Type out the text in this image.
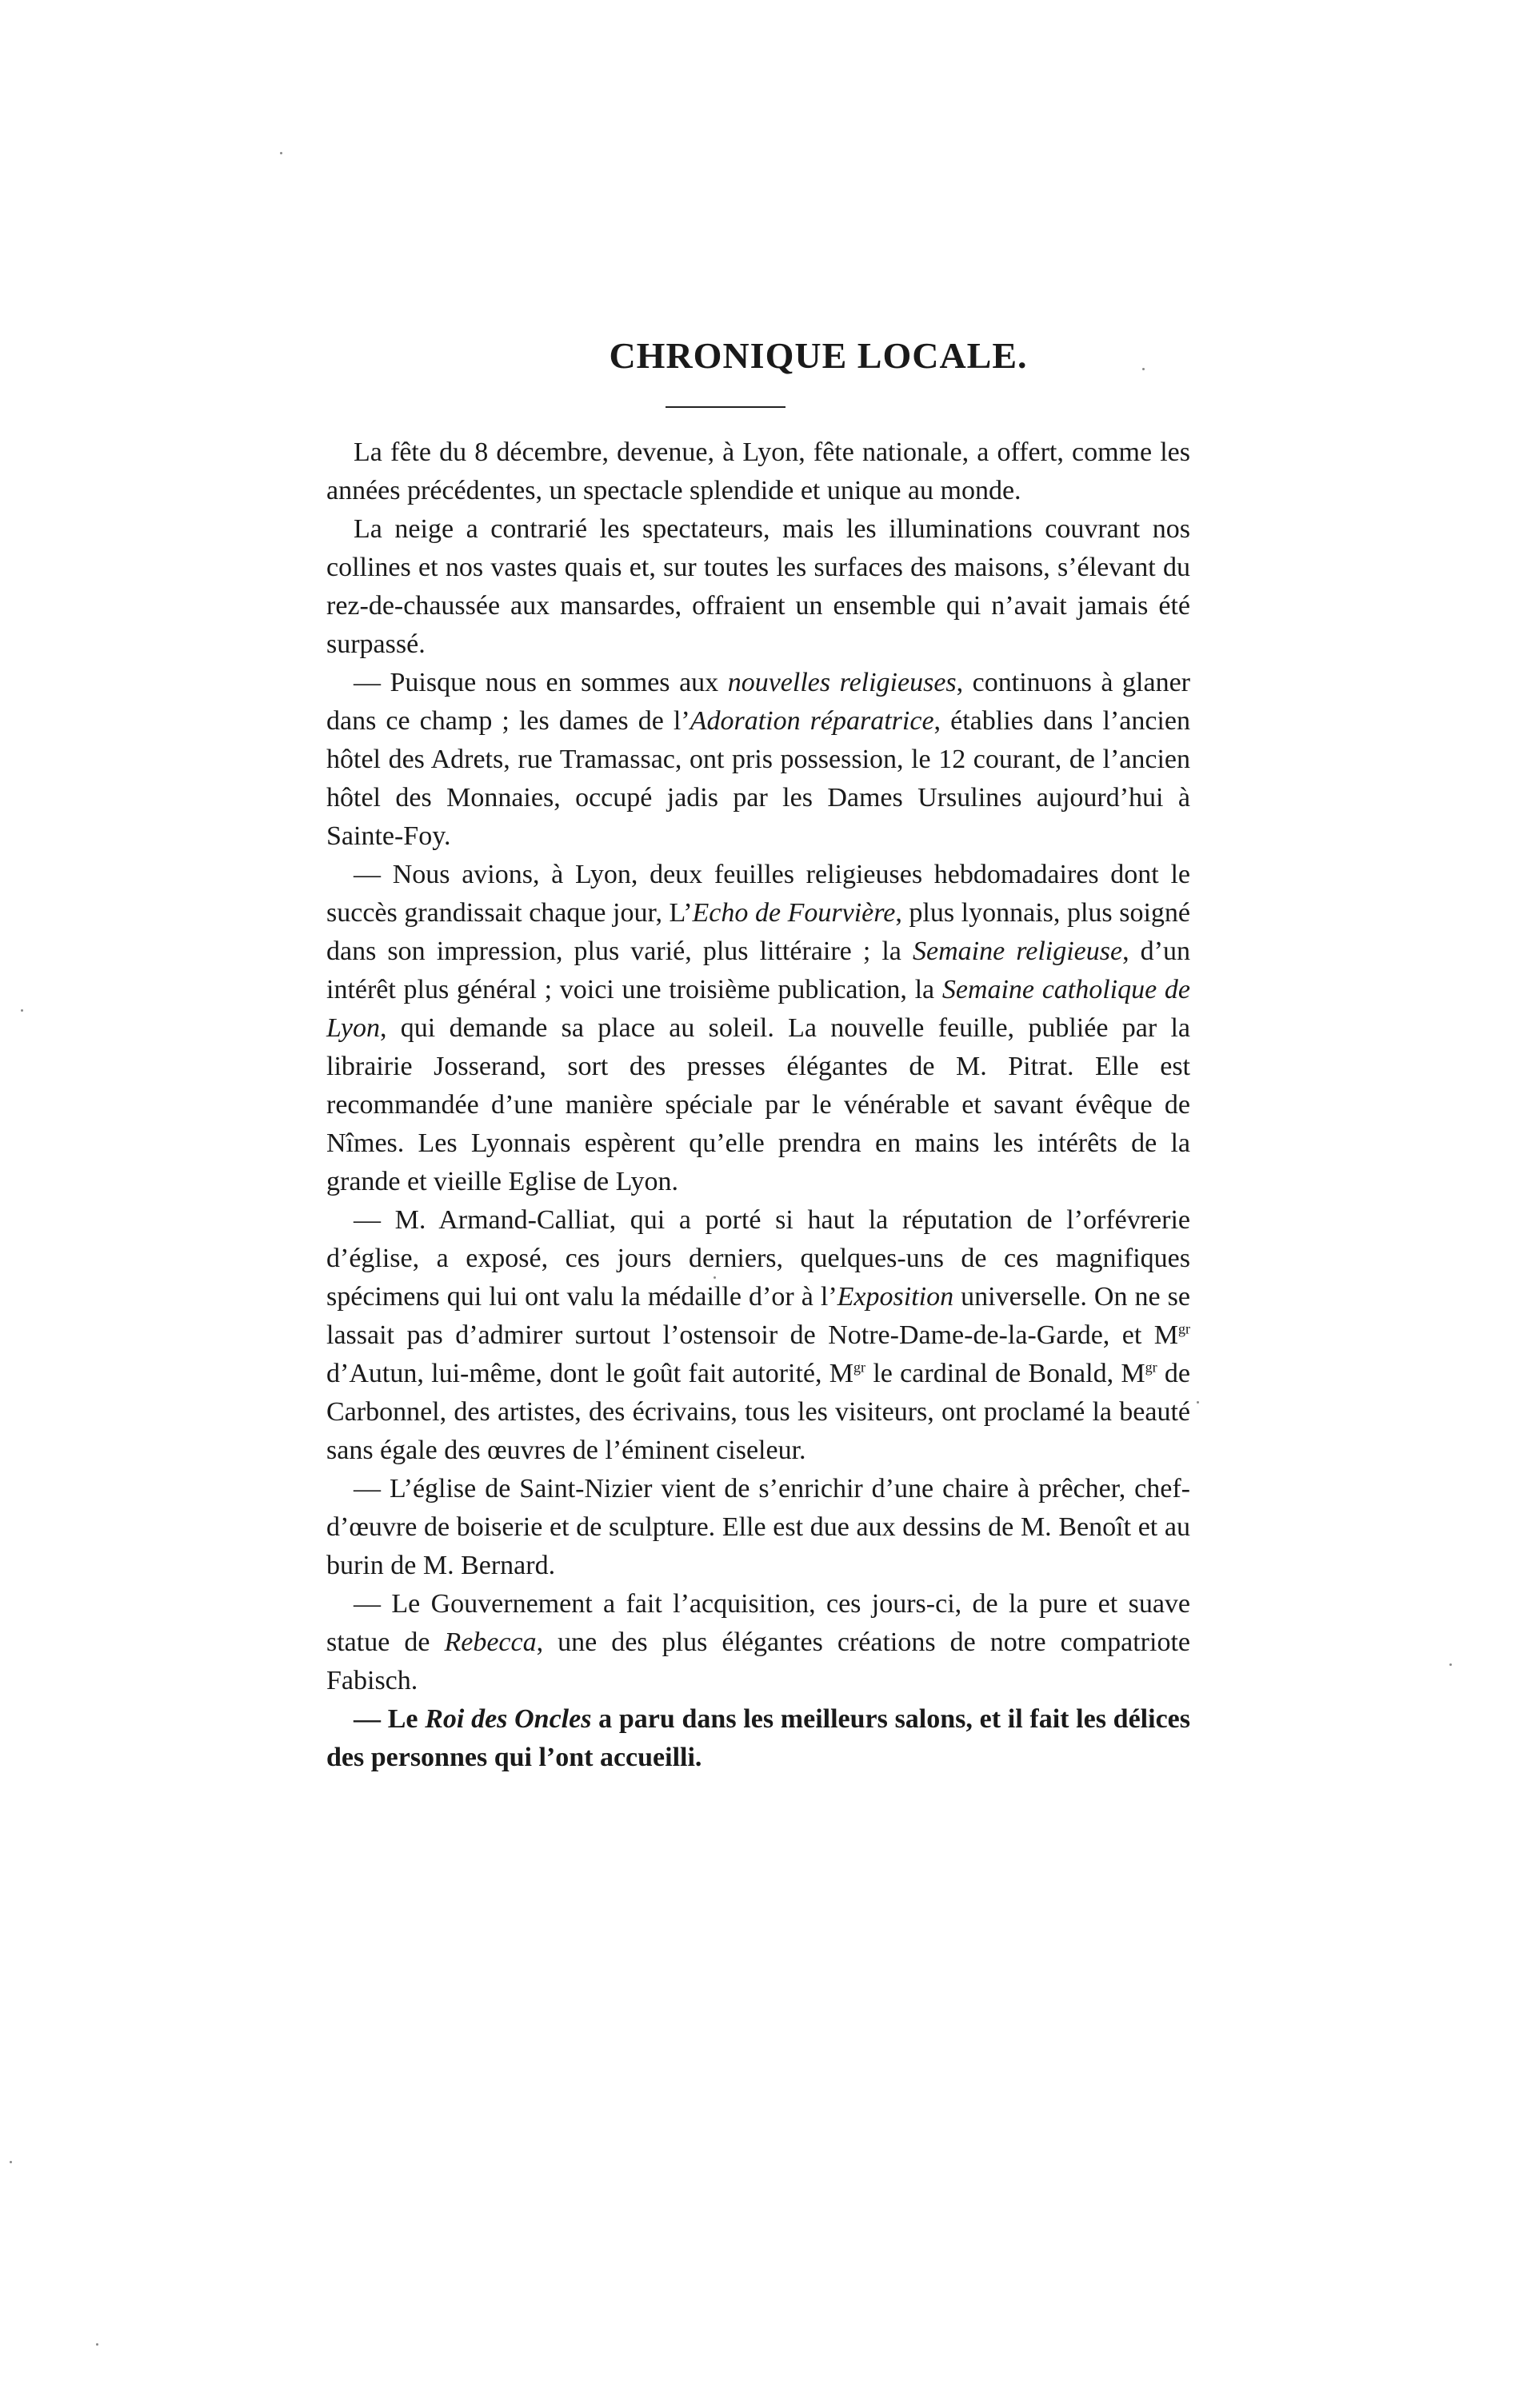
CHRONIQUE LOCALE.

La fête du 8 décembre, devenue, à Lyon, fête nationale, a offert, comme les années précédentes, un spectacle splendide et unique au monde.

La neige a contrarié les spectateurs, mais les illuminations couvrant nos collines et nos vastes quais et, sur toutes les surfaces des maisons, s’élevant du rez-de-chaussée aux mansardes, offraient un ensemble qui n’avait jamais été surpassé.

— Puisque nous en sommes aux nouvelles religieuses, continuons à glaner dans ce champ ; les dames de l’Adoration réparatrice, établies dans l’ancien hôtel des Adrets, rue Tramassac, ont pris possession, le 12 courant, de l’ancien hôtel des Monnaies, occupé jadis par les Dames Ursulines aujourd’hui à Sainte-Foy.

— Nous avions, à Lyon, deux feuilles religieuses hebdomadaires dont le succès grandissait chaque jour, L’Echo de Fourvière, plus lyonnais, plus soigné dans son impression, plus varié, plus littéraire ; la Semaine religieuse, d’un intérêt plus général ; voici une troisième publication, la Semaine catholique de Lyon, qui demande sa place au soleil. La nouvelle feuille, publiée par la librairie Josserand, sort des presses élégantes de M. Pitrat. Elle est recommandée d’une manière spéciale par le vénérable et savant évêque de Nîmes. Les Lyonnais espèrent qu’elle prendra en mains les intérêts de la grande et vieille Eglise de Lyon.

— M. Armand-Calliat, qui a porté si haut la réputation de l’orfévrerie d’église, a exposé, ces jours derniers, quelques-uns de ces magnifiques spécimens qui lui ont valu la médaille d’or à l’Exposition universelle. On ne se lassait pas d’admirer surtout l’ostensoir de Notre-Dame-de-la-Garde, et $M^{gr}$ d’Autun, lui-même, dont le goût fait autorité, $M^{gr}$ le cardinal de Bonald, $M^{gr}$ de Carbonnel, des artistes, des écrivains, tous les visiteurs, ont proclamé la beauté sans égale des œuvres de l’éminent ciseleur.

— L’église de Saint-Nizier vient de s’enrichir d’une chaire à prêcher, chef-d’œuvre de boiserie et de sculpture. Elle est due aux dessins de M. Benoît et au burin de M. Bernard.

— Le Gouvernement a fait l’acquisition, ces jours-ci, de la pure et suave statue de Rebecca, une des plus élégantes créations de notre compatriote Fabisch.

— Le Roi des Oncles a paru dans les meilleurs salons, et il fait les délices des personnes qui l’ont accueilli.
